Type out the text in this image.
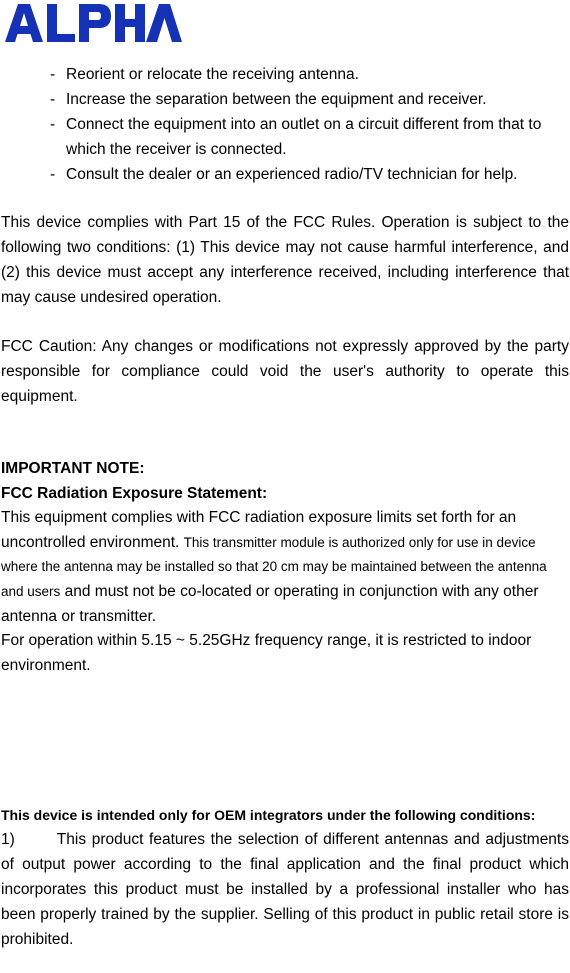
- Reorient or relocate the receiving antenna.
- Increase the separation between the equipment and receiver.
- Connect the equipment into an outlet on a circuit different from that to which the receiver is connected.
- Consult the dealer or an experienced radio/TV technician for help.
This device complies with Part 15 of the FCC Rules. Operation is subject to the following two conditions: (1) This device may not cause harmful interference, and (2) this device must accept any interference received, including interference that may cause undesired operation.
FCC Caution: Any changes or modifications not expressly approved by the party responsible for compliance could void the user's authority to operate this equipment.
IMPORTANT NOTE:
FCC Radiation Exposure Statement:
This equipment complies with FCC radiation exposure limits set forth for an uncontrolled environment. This transmitter module is authorized only for use in device where the antenna may be installed so that 20 cm may be maintained between the antenna and users and must not be co-located or operating in conjunction with any other antenna or transmitter.
For operation within 5.15 ~ 5.25GHz frequency range, it is restricted to indoor environment.
This device is intended only for OEM integrators under the following conditions:
1)	This product features the selection of different antennas and adjustments of output power according to the final application and the final product which incorporates this product must be installed by a professional installer who has been properly trained by the supplier. Selling of this product in public retail store is prohibited.
